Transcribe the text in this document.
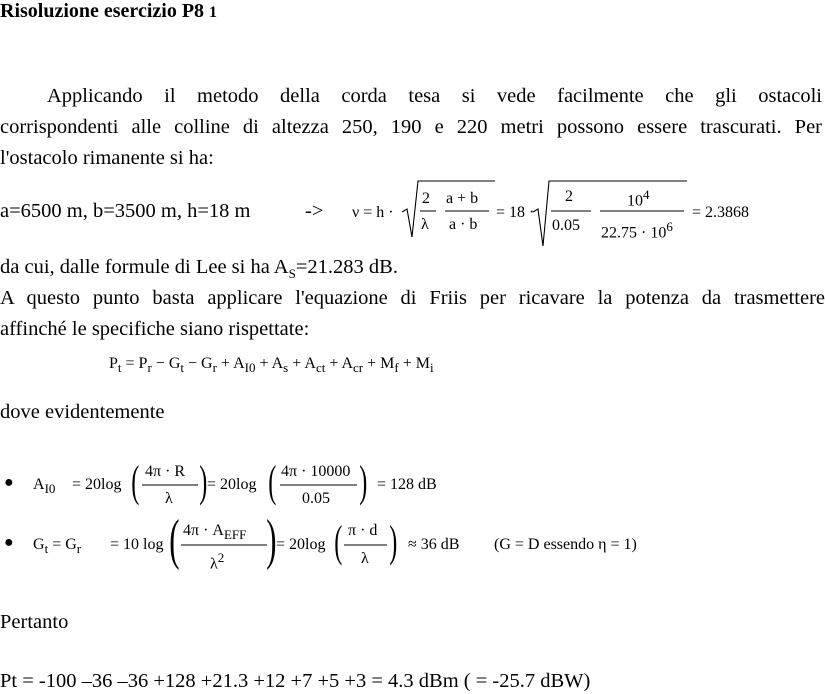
Risoluzione esercizio P8 1
Applicando il metodo della corda tesa si vede facilmente che gli ostacoli
corrispondenti alle colline di altezza 250, 190 e 220 metri possono essere trascurati. Per
l'ostacolo rimanente si ha:
a=6500 m, b=3500 m, h=18 m	-> ν = h ·
2 a + b
λ a · b
= 18 ·
2
0.05
$10^4$
$22.75 \cdot 10^6$
= 2.3868
da cui, dalle formule di Lee si ha $A_S=21.283$ dB.
A questo punto basta applicare l'equazione di Friis per ricavare la potenza da trasmettere
affinché le specifiche siano rispettate:
$P_t = P_r - G_t - G_r + A_{I0} + A_s + A_{ct} + A_{cr} + M_f + M_i$
dove evidentemente
● $A_{I0} = 20\log$ ( 4π · R
λ ) = 20log ( 4π · 10000
0.05 ) = 128 dB
● $G_t = G_r = 10$ log ( $4\pi \cdot A_{EFF}$
$\lambda^2$ ) = 20log ( π · d
λ ) ≈ 36 dB (G = D essendo η = 1)
Pertanto
Pt = -100 –36 –36 +128 +21.3 +12 +7 +5 +3 = 4.3 dBm ( = -25.7 dBW)
